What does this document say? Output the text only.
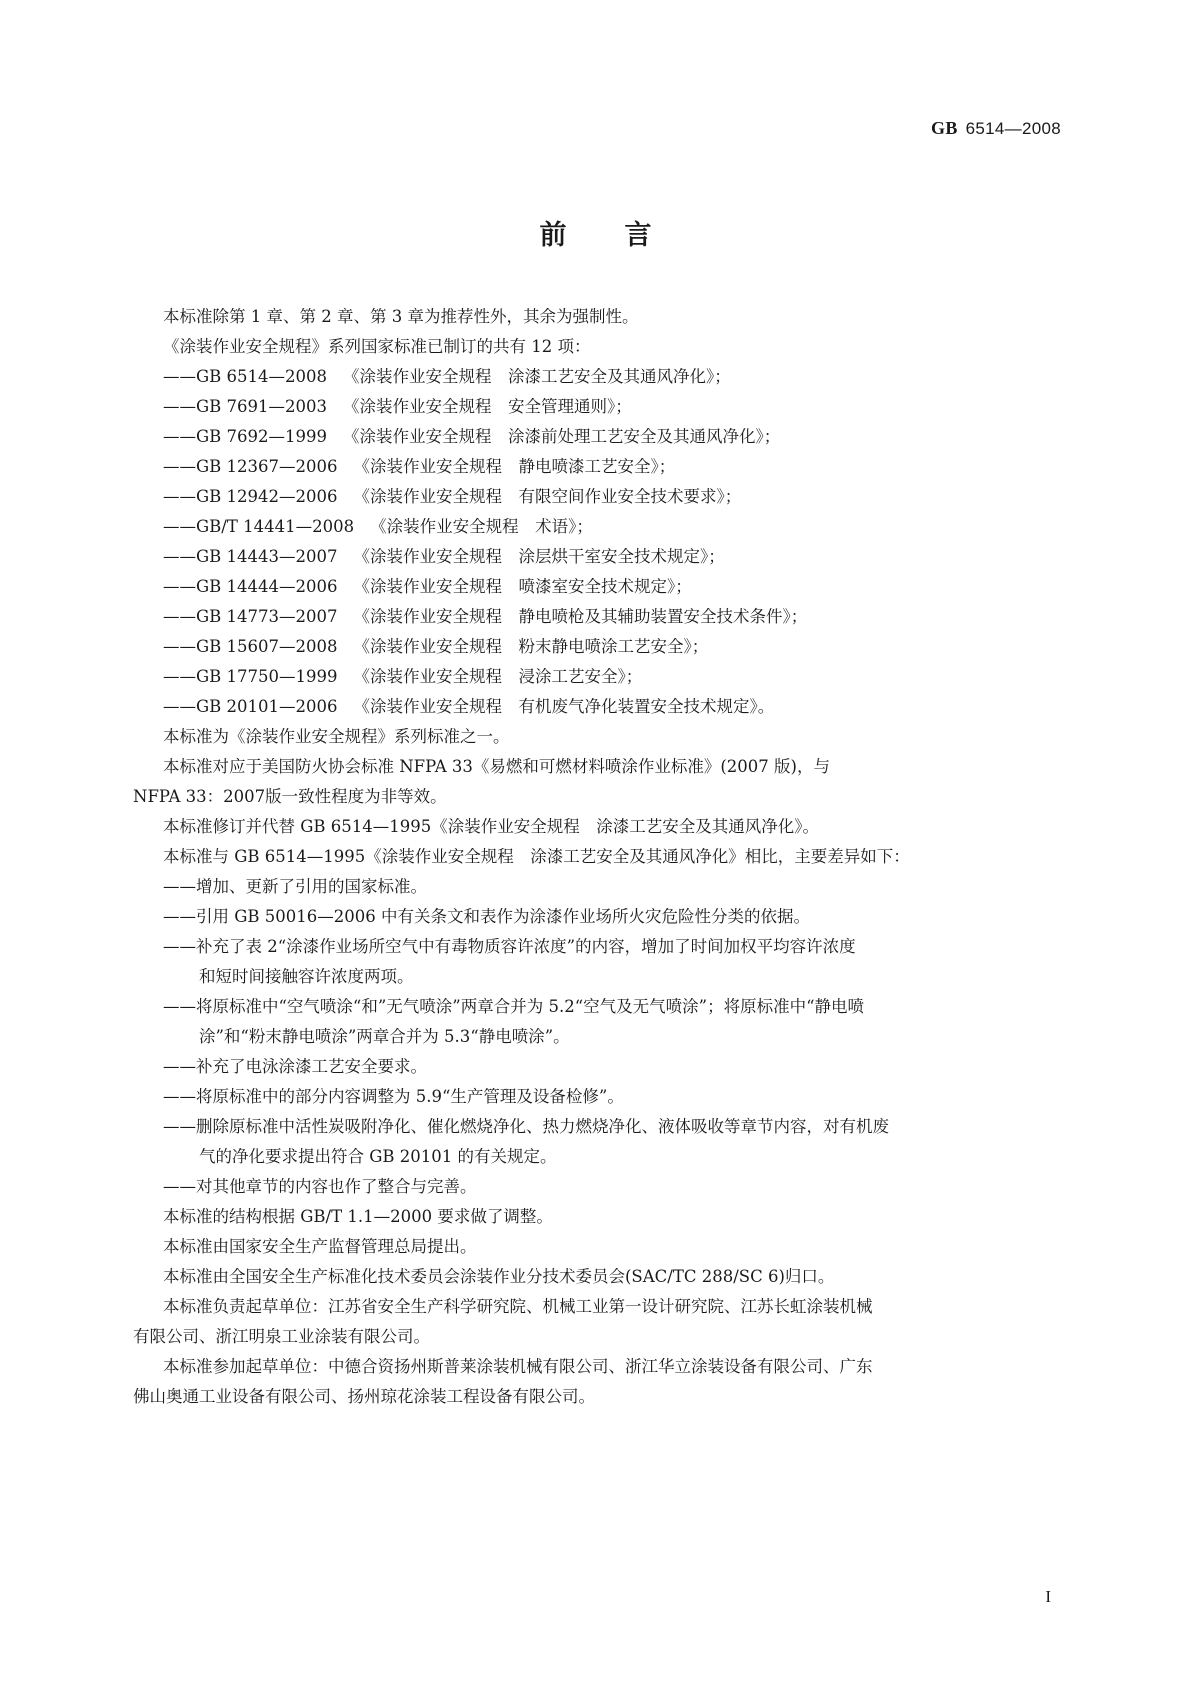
GB 6514—2008
前言
本标准除第 1 章、第 2 章、第 3 章为推荐性外，其余为强制性。
《涂装作业安全规程》系列国家标准已制订的共有 12 项：
——GB 6514—2008 《涂装作业安全规程　涂漆工艺安全及其通风净化》；
——GB 7691—2003 《涂装作业安全规程　安全管理通则》；
——GB 7692—1999 《涂装作业安全规程　涂漆前处理工艺安全及其通风净化》；
——GB 12367—2006 《涂装作业安全规程　静电喷漆工艺安全》；
——GB 12942—2006 《涂装作业安全规程　有限空间作业安全技术要求》；
——GB/T 14441—2008 《涂装作业安全规程　术语》；
——GB 14443—2007 《涂装作业安全规程　涂层烘干室安全技术规定》；
——GB 14444—2006 《涂装作业安全规程　喷漆室安全技术规定》；
——GB 14773—2007 《涂装作业安全规程　静电喷枪及其辅助装置安全技术条件》；
——GB 15607—2008 《涂装作业安全规程　粉末静电喷涂工艺安全》；
——GB 17750—1999 《涂装作业安全规程　浸涂工艺安全》；
——GB 20101—2006 《涂装作业安全规程　有机废气净化装置安全技术规定》。
本标准为《涂装作业安全规程》系列标准之一。
本标准对应于美国防火协会标准 NFPA 33《易燃和可燃材料喷涂作业标准》(2007 版)，与
NFPA 33：2007版一致性程度为非等效。
本标准修订并代替 GB 6514—1995《涂装作业安全规程　涂漆工艺安全及其通风净化》。
本标准与 GB 6514—1995《涂装作业安全规程　涂漆工艺安全及其通风净化》相比，主要差异如下：
——增加、更新了引用的国家标准。
——引用 GB 50016—2006 中有关条文和表作为涂漆作业场所火灾危险性分类的依据。
——补充了表 2“涂漆作业场所空气中有毒物质容许浓度”的内容，增加了时间加权平均容许浓度
和短时间接触容许浓度两项。
——将原标准中“空气喷涂“和”无气喷涂”两章合并为 5.2“空气及无气喷涂”；将原标准中“静电喷
涂”和“粉末静电喷涂”两章合并为 5.3“静电喷涂”。
——补充了电泳涂漆工艺安全要求。
——将原标准中的部分内容调整为 5.9“生产管理及设备检修”。
——删除原标准中活性炭吸附净化、催化燃烧净化、热力燃烧净化、液体吸收等章节内容，对有机废
气的净化要求提出符合 GB 20101 的有关规定。
——对其他章节的内容也作了整合与完善。
本标准的结构根据 GB/T 1.1—2000 要求做了调整。
本标准由国家安全生产监督管理总局提出。
本标准由全国安全生产标准化技术委员会涂装作业分技术委员会(SAC/TC 288/SC 6)归口。
本标准负责起草单位：江苏省安全生产科学研究院、机械工业第一设计研究院、江苏长虹涂装机械
有限公司、浙江明泉工业涂装有限公司。
本标准参加起草单位：中德合资扬州斯普莱涂装机械有限公司、浙江华立涂装设备有限公司、广东
佛山奥通工业设备有限公司、扬州琼花涂装工程设备有限公司。
I
